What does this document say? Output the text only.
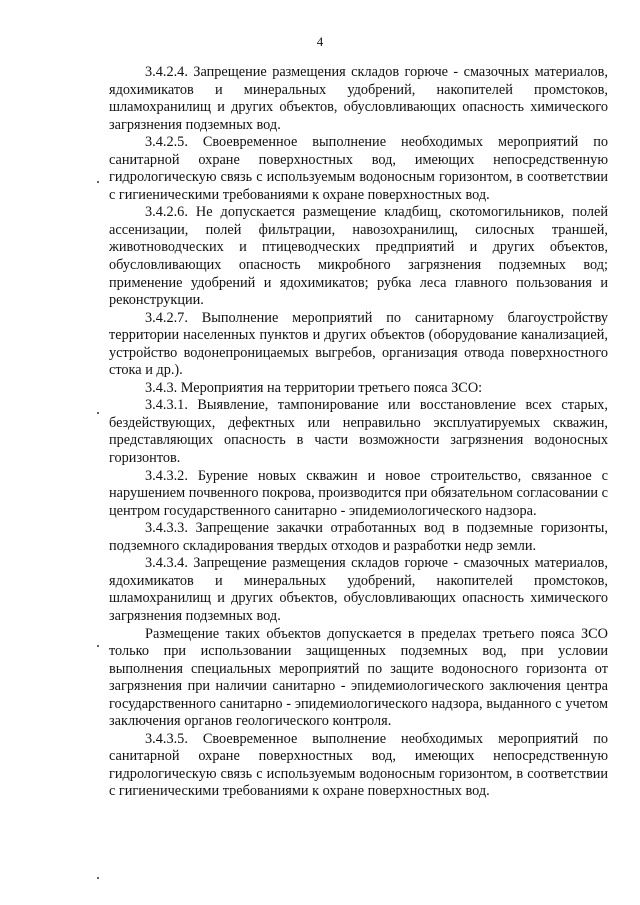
4

3.4.2.4. Запрещение размещения складов горюче - смазочных материалов, ядохимикатов и минеральных удобрений, накопителей промстоков, шламохранилищ и других объектов, обусловливающих опасность химического загрязнения подземных вод.

3.4.2.5. Своевременное выполнение необходимых мероприятий по санитарной охране поверхностных вод, имеющих непосредственную гидрологическую связь с используемым водоносным горизонтом, в соответствии с гигиеническими требованиями к охране поверхностных вод.

3.4.2.6. Не допускается размещение кладбищ, скотомогильников, полей ассенизации, полей фильтрации, навозохранилищ, силосных траншей, животноводческих и птицеводческих предприятий и других объектов, обусловливающих опасность микробного загрязнения подземных вод; применение удобрений и ядохимикатов; рубка леса главного пользования и реконструкции.

3.4.2.7. Выполнение мероприятий по санитарному благоустройству территории населенных пунктов и других объектов (оборудование канализацией, устройство водонепроницаемых выгребов, организация отвода поверхностного стока и др.).

3.4.3. Мероприятия на территории третьего пояса ЗСО:

3.4.3.1. Выявление, тампонирование или восстановление всех старых, бездействующих, дефектных или неправильно эксплуатируемых скважин, представляющих опасность в части возможности загрязнения водоносных горизонтов.

3.4.3.2. Бурение новых скважин и новое строительство, связанное с нарушением почвенного покрова, производится при обязательном согласовании с центром государственного санитарно - эпидемиологического надзора.

3.4.3.3. Запрещение закачки отработанных вод в подземные горизонты, подземного складирования твердых отходов и разработки недр земли.

3.4.3.4. Запрещение размещения складов горюче - смазочных материалов, ядохимикатов и минеральных удобрений, накопителей промстоков, шламохранилищ и других объектов, обусловливающих опасность химического загрязнения подземных вод.

Размещение таких объектов допускается в пределах третьего пояса ЗСО только при использовании защищенных подземных вод, при условии выполнения специальных мероприятий по защите водоносного горизонта от загрязнения при наличии санитарно - эпидемиологического заключения центра государственного санитарно - эпидемиологического надзора, выданного с учетом заключения органов геологического контроля.

3.4.3.5. Своевременное выполнение необходимых мероприятий по санитарной охране поверхностных вод, имеющих непосредственную гидрологическую связь с используемым водоносным горизонтом, в соответствии с гигиеническими требованиями к охране поверхностных вод.
